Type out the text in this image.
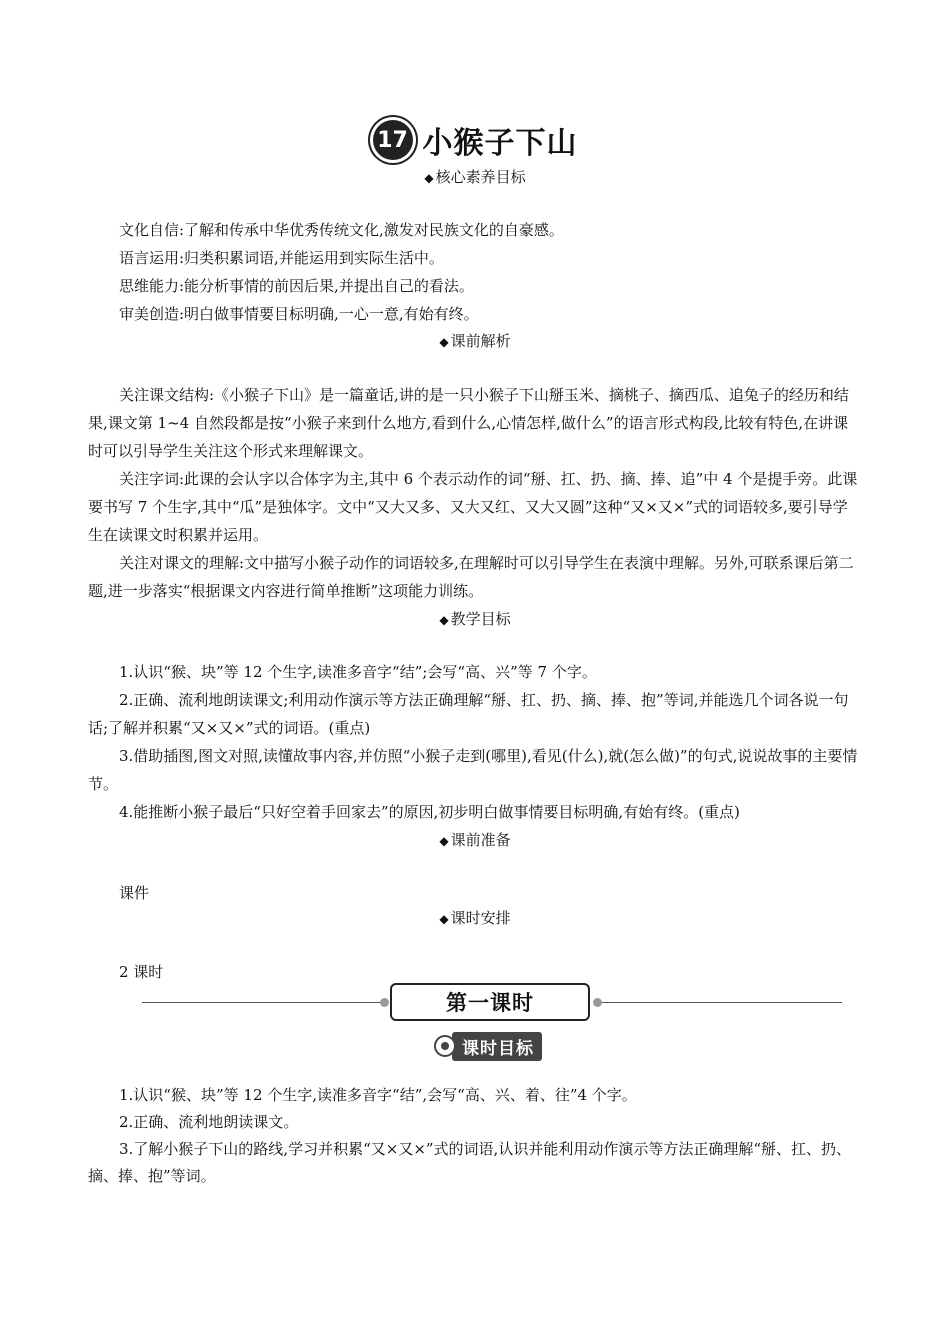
17 小猴子下山
◆ 核心素养目标
文化自信:了解和传承中华优秀传统文化,激发对民族文化的自豪感。
语言运用:归类积累词语,并能运用到实际生活中。
思维能力:能分析事情的前因后果,并提出自己的看法。
审美创造:明白做事情要目标明确,一心一意,有始有终。
◆ 课前解析
关注课文结构:《小猴子下山》是一篇童话,讲的是一只小猴子下山掰玉米、摘桃子、摘西瓜、追兔子的经历和结果,课文第 1~4 自然段都是按“小猴子来到什么地方,看到什么,心情怎样,做什么”的语言形式构段,比较有特色,在讲课时可以引导学生关注这个形式来理解课文。
关注字词:此课的会认字以合体字为主,其中 6 个表示动作的词“掰、扛、扔、摘、捧、追”中 4 个是提手旁。此课要书写 7 个生字,其中“瓜”是独体字。文中“又大又多、又大又红、又大又圆”这种“又×又×”式的词语较多,要引导学生在读课文时积累并运用。
关注对课文的理解:文中描写小猴子动作的词语较多,在理解时可以引导学生在表演中理解。另外,可联系课后第二题,进一步落实“根据课文内容进行简单推断”这项能力训练。
◆ 教学目标
1.认识“猴、块”等 12 个生字,读准多音字“结”;会写“高、兴”等 7 个字。
2.正确、流利地朗读课文;利用动作演示等方法正确理解“掰、扛、扔、摘、捧、抱”等词,并能选几个词各说一句话;了解并积累“又×又×”式的词语。(重点)
3.借助插图,图文对照,读懂故事内容,并仿照“小猴子走到(哪里),看见(什么),就(怎么做)”的句式,说说故事的主要情节。
4.能推断小猴子最后“只好空着手回家去”的原因,初步明白做事情要目标明确,有始有终。(重点)
◆ 课前准备
课件
◆ 课时安排
2 课时
第一课时
课时目标
1.认识“猴、块”等 12 个生字,读准多音字“结”,会写“高、兴、着、往”4 个字。
2.正确、流利地朗读课文。
3.了解小猴子下山的路线,学习并积累“又×又×”式的词语,认识并能利用动作演示等方法正确理解“掰、扛、扔、摘、捧、抱”等词。
